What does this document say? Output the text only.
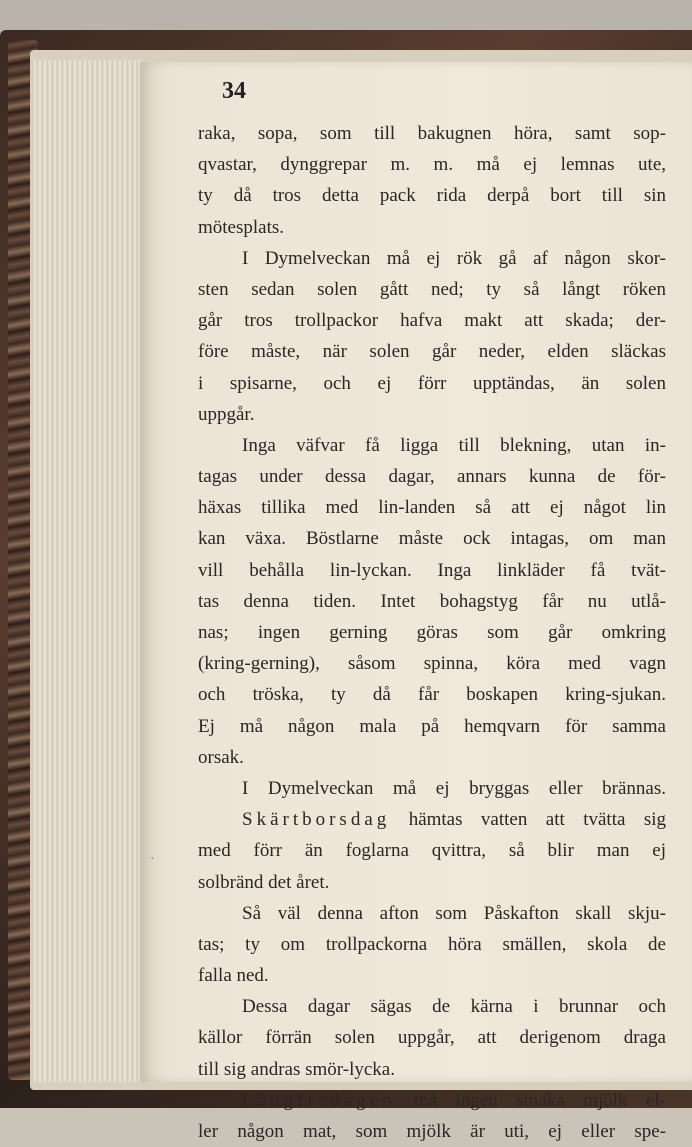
34
raka, sopa, som till bakugnen höra, samt sop-
qvastar, dynggrepar m. m. må ej lemnas ute,
ty då tros detta pack rida derpå bort till sin
mötesplats.
I Dymelveckan må ej rök gå af någon skor-
sten sedan solen gått ned; ty så långt röken
går tros trollpackor hafva makt att skada; der-
före måste, när solen går neder, elden släckas
i spisarne, och ej förr upptändas, än solen
uppgår.
Inga väfvar få ligga till blekning, utan in-
tagas under dessa dagar, annars kunna de för-
häxas tillika med lin-landen så att ej något lin
kan växa. Böstlarne måste ock intagas, om man
vill behålla lin-lyckan. Inga linkläder få tvät-
tas denna tiden. Intet bohagstyg får nu utlå-
nas; ingen gerning göras som går omkring
(kring-gerning), såsom spinna, köra med vagn
och tröska, ty då får boskapen kring-sjukan.
Ej må någon mala på hemqvarn för samma
orsak.
I Dymelveckan må ej bryggas eller brännas.
Skärtborsdag hämtas vatten att tvätta sig
med förr än foglarna qvittra, så blir man ej
solbränd det året.
Så väl denna afton som Påskafton skall skju-
tas; ty om trollpackorna höra smällen, skola de
falla ned.
Dessa dagar sägas de kärna i brunnar och
källor förrän solen uppgår, att derigenom draga
till sig andras smör-lycka.
Långfredagen må ingen smaka mjölk el-
ler någon mat, som mjölk är uti, ej eller spe-
·
